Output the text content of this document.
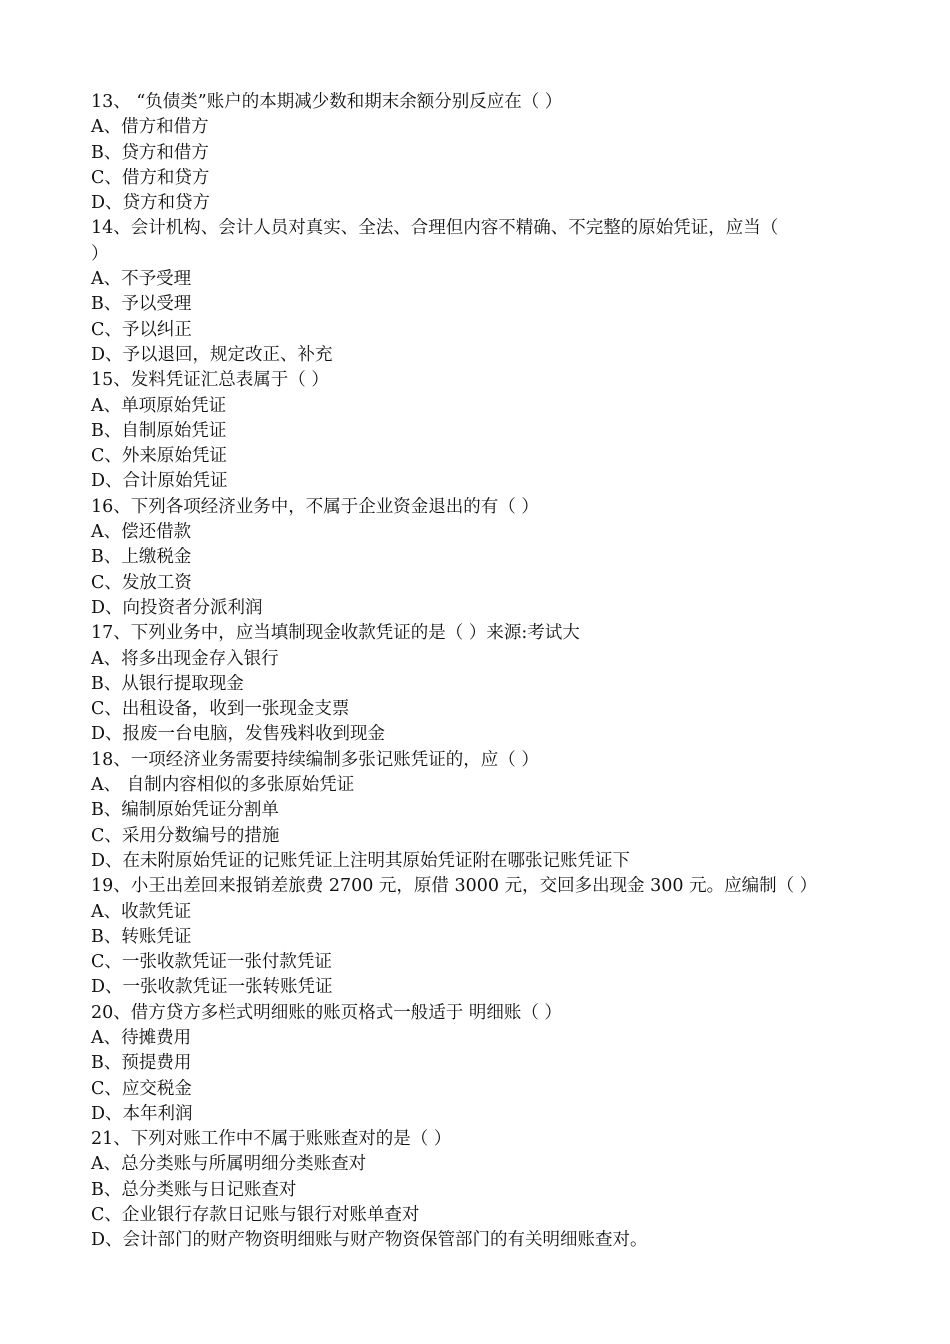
13、 “负债类”账户的本期减少数和期末余额分别反应在（ ）
A、借方和借方
B、贷方和借方
C、借方和贷方
D、贷方和贷方
14、会计机构、会计人员对真实、全法、合理但内容不精确、不完整的原始凭证，应当（
）
A、不予受理
B、予以受理
C、予以纠正
D、予以退回，规定改正、补充
15、发料凭证汇总表属于（ ）
A、单项原始凭证
B、自制原始凭证
C、外来原始凭证
D、合计原始凭证
16、下列各项经济业务中，不属于企业资金退出的有（ ）
A、偿还借款
B、上缴税金
C、发放工资
D、向投资者分派利润
17、下列业务中，应当填制现金收款凭证的是（ ）来源:考试大
A、将多出现金存入银行
B、从银行提取现金
C、出租设备，收到一张现金支票
D、报废一台电脑，发售残料收到现金
18、一项经济业务需要持续编制多张记账凭证的，应（ ）
A、 自制内容相似的多张原始凭证
B、编制原始凭证分割单
C、采用分数编号的措施
D、在未附原始凭证的记账凭证上注明其原始凭证附在哪张记账凭证下
19、小王出差回来报销差旅费 2700 元，原借 3000 元，交回多出现金 300 元。应编制（ ）
A、收款凭证
B、转账凭证
C、一张收款凭证一张付款凭证
D、一张收款凭证一张转账凭证
20、借方贷方多栏式明细账的账页格式一般适于 明细账（ ）
A、待摊费用
B、预提费用
C、应交税金
D、本年利润
21、下列对账工作中不属于账账查对的是（ ）
A、总分类账与所属明细分类账查对
B、总分类账与日记账查对
C、企业银行存款日记账与银行对账单查对
D、会计部门的财产物资明细账与财产物资保管部门的有关明细账查对。
